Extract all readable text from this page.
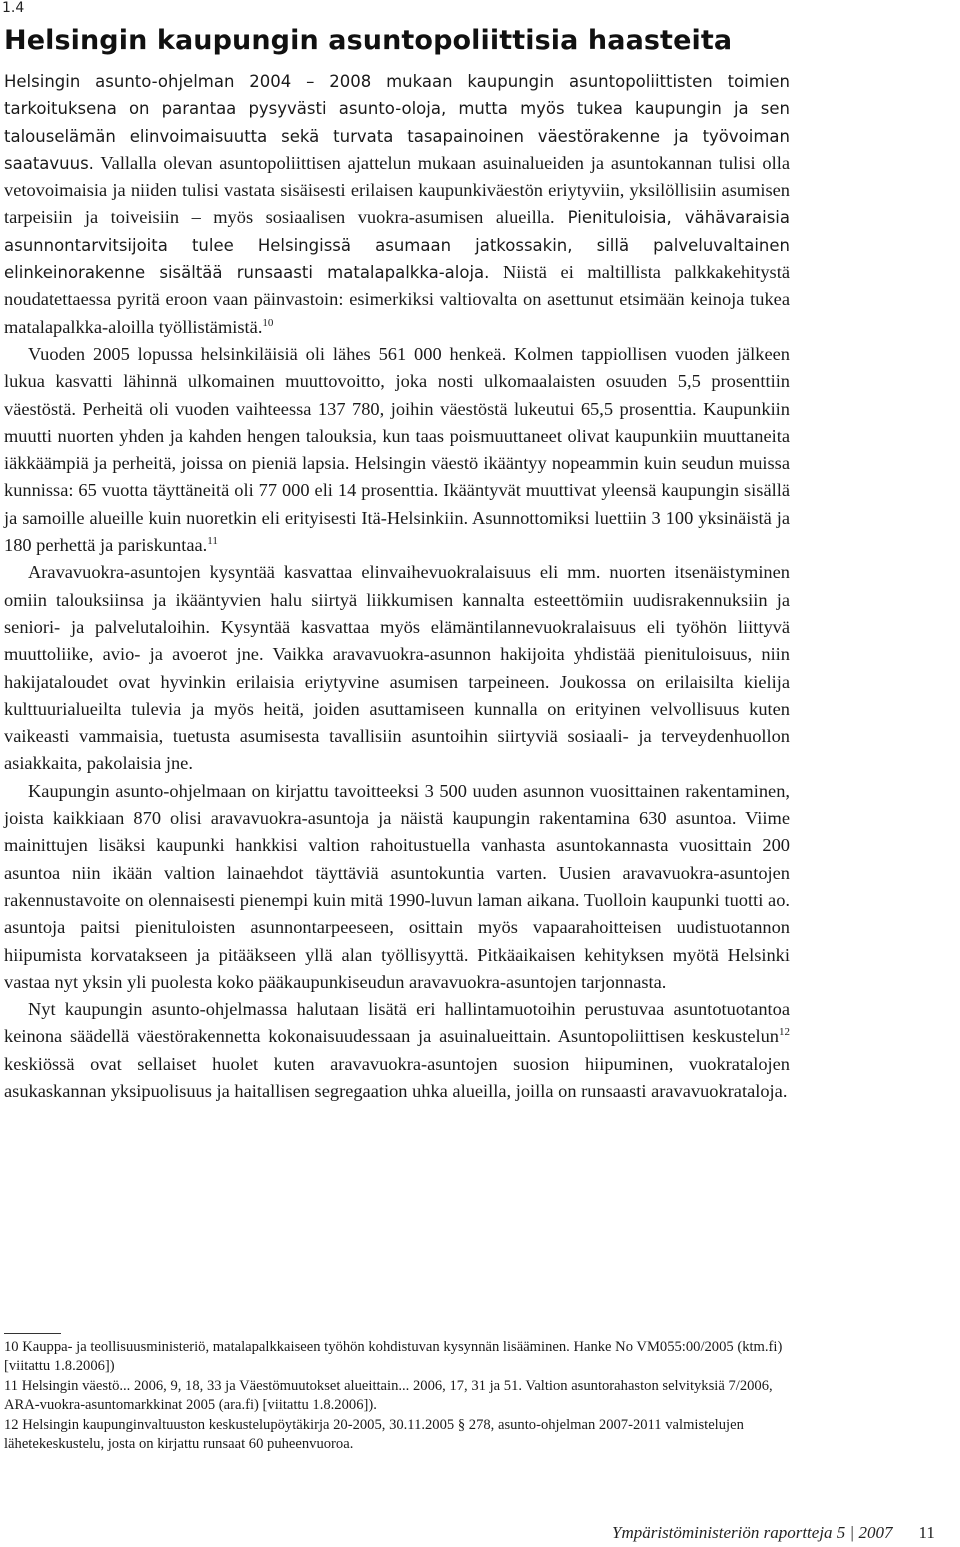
1.4
Helsingin kaupungin asuntopoliittisia haasteita

Helsingin asunto-ohjelman 2004 – 2008 mukaan kaupungin asuntopoliittisten toimien tarkoituksena on parantaa pysyvästi asunto-oloja, mutta myös tukea kaupungin ja sen talouselämän elinvoimaisuutta sekä turvata tasapainoinen väestörakenne ja työvoiman saatavuus. Vallalla olevan asuntopoliittisen ajattelun mukaan asuinalueiden ja asuntokannan tulisi olla vetovoimaisia ja niiden tulisi vastata sisäisesti erilaisen kaupunkiväestön eriytyviin, yksilöllisiin asumisen tarpeisiin ja toiveisiin – myös sosiaalisen vuokra-asumisen alueilla. Pienituloisia, vähävaraisia asunnontarvitsijoita tulee Helsingissä asumaan jatkossakin, sillä palveluvaltainen elinkeinorakenne sisältää runsaasti matalapalkka-aloja. Niistä ei maltillista palkkakehitystä noudatettaessa pyritä eroon vaan päinvastoin: esimerkiksi valtiovalta on asettunut etsimään keinoja tukea matalapalkka-aloilla työllistämistä.$^{10}$

Vuoden 2005 lopussa helsinkiläisiä oli lähes 561 000 henkeä. Kolmen tappiollisen vuoden jälkeen lukua kasvatti lähinnä ulkomainen muuttovoitto, joka nosti ulkomaalaisten osuuden 5,5 prosenttiin väestöstä. Perheitä oli vuoden vaihteessa 137 780, joihin väestöstä lukeutui 65,5 prosenttia. Kaupunkiin muutti nuorten yhden ja kahden hengen talouksia, kun taas poismuuttaneet olivat kaupunkiin muuttaneita iäkkäämpiä ja perheitä, joissa on pieniä lapsia. Helsingin väestö ikääntyy nopeammin kuin seudun muissa kunnissa: 65 vuotta täyttäneitä oli 77 000 eli 14 prosenttia. Ikääntyvät muuttivat yleensä kaupungin sisällä ja samoille alueille kuin nuoretkin eli erityisesti Itä-Helsinkiin. Asunnottomiksi luettiin 3 100 yksinäistä ja 180 perhettä ja pariskuntaa.$^{11}$

Aravavuokra-asuntojen kysyntää kasvattaa elinvaihevuokralaisuus eli mm. nuorten itsenäistyminen omiin talouksiinsa ja ikääntyvien halu siirtyä liikkumisen kannalta esteettömiin uudisrakennuksiin ja seniori- ja palvelutaloihin. Kysyntää kasvattaa myös elämäntilannevuokralaisuus eli työhön liittyvä muuttoliike, avio- ja avoerot jne. Vaikka aravavuokra-asunnon hakijoita yhdistää pienituloisuus, niin hakijataloudet ovat hyvinkin erilaisia eriytyvine asumisen tarpeineen. Joukossa on erilaisilta kielija kulttuurialueilta tulevia ja myös heitä, joiden asuttamiseen kunnalla on erityinen velvollisuus kuten vaikeasti vammaisia, tuetusta asumisesta tavallisiin asuntoihin siirtyviä sosiaali- ja terveydenhuollon asiakkaita, pakolaisia jne.

Kaupungin asunto-ohjelmaan on kirjattu tavoitteeksi 3 500 uuden asunnon vuosittainen rakentaminen, joista kaikkiaan 870 olisi aravavuokra-asuntoja ja näistä kaupungin rakentamina 630 asuntoa. Viime mainittujen lisäksi kaupunki hankkisi valtion rahoitustuella vanhasta asuntokannasta vuosittain 200 asuntoa niin ikään valtion lainaehdot täyttäviä asuntokuntia varten. Uusien aravavuokra-asuntojen rakennustavoite on olennaisesti pienempi kuin mitä 1990-luvun laman aikana. Tuolloin kaupunki tuotti ao. asuntoja paitsi pienituloisten asunnontarpeeseen, osittain myös vapaarahoitteisen uudistuotannon hiipumista korvatakseen ja pitääkseen yllä alan työllisyyttä. Pitkäaikaisen kehityksen myötä Helsinki vastaa nyt yksin yli puolesta koko pääkaupunkiseudun aravavuokra-asuntojen tarjonnasta.

Nyt kaupungin asunto-ohjelmassa halutaan lisätä eri hallintamuotoihin perustuvaa asuntotuotantoa keinona säädellä väestörakennetta kokonaisuudessaan ja asuinalueittain. Asuntopoliittisen keskustelun$^{12}$ keskiössä ovat sellaiset huolet kuten aravavuokra-asuntojen suosion hiipuminen, vuokratalojen asukaskannan yksipuolisuus ja haitallisen segregaation uhka alueilla, joilla on runsaasti aravavuokrataloja.

10 Kauppa- ja teollisuusministeriö, matalapalkkaiseen työhön kohdistuvan kysynnän lisääminen. Hanke No VM055:00/2005 (ktm.fi) [viitattu 1.8.2006])

11 Helsingin väestö... 2006, 9, 18, 33 ja Väestömuutokset alueittain... 2006, 17, 31 ja 51. Valtion asuntorahaston selvityksiä 7/2006, ARA-vuokra-asuntomarkkinat 2005 (ara.fi) [viitattu 1.8.2006]).

12 Helsingin kaupunginvaltuuston keskustelupöytäkirja 20-2005, 30.11.2005 § 278, asunto-ohjelman 2007-2011 valmistelujen lähetekeskustelu, josta on kirjattu runsaat 60 puheenvuoroa.

Ympäristöministeriön raportteja 5 | 2007 11
